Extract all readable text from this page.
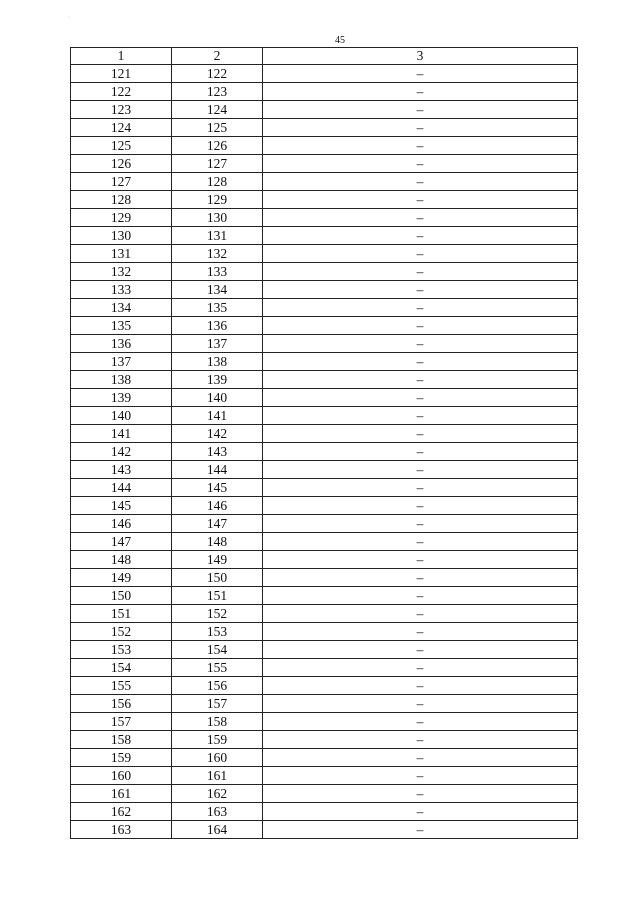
·
45
1	2	3
121	122	–
122	123	–
123	124	–
124	125	–
125	126	–
126	127	–
127	128	–
128	129	–
129	130	–
130	131	–
131	132	–
132	133	–
133	134	–
134	135	–
135	136	–
136	137	–
137	138	–
138	139	–
139	140	–
140	141	–
141	142	–
142	143	–
143	144	–
144	145	–
145	146	–
146	147	–
147	148	–
148	149	–
149	150	–
150	151	–
151	152	–
152	153	–
153	154	–
154	155	–
155	156	–
156	157	–
157	158	–
158	159	–
159	160	–
160	161	–
161	162	–
162	163	–
163	164	–
